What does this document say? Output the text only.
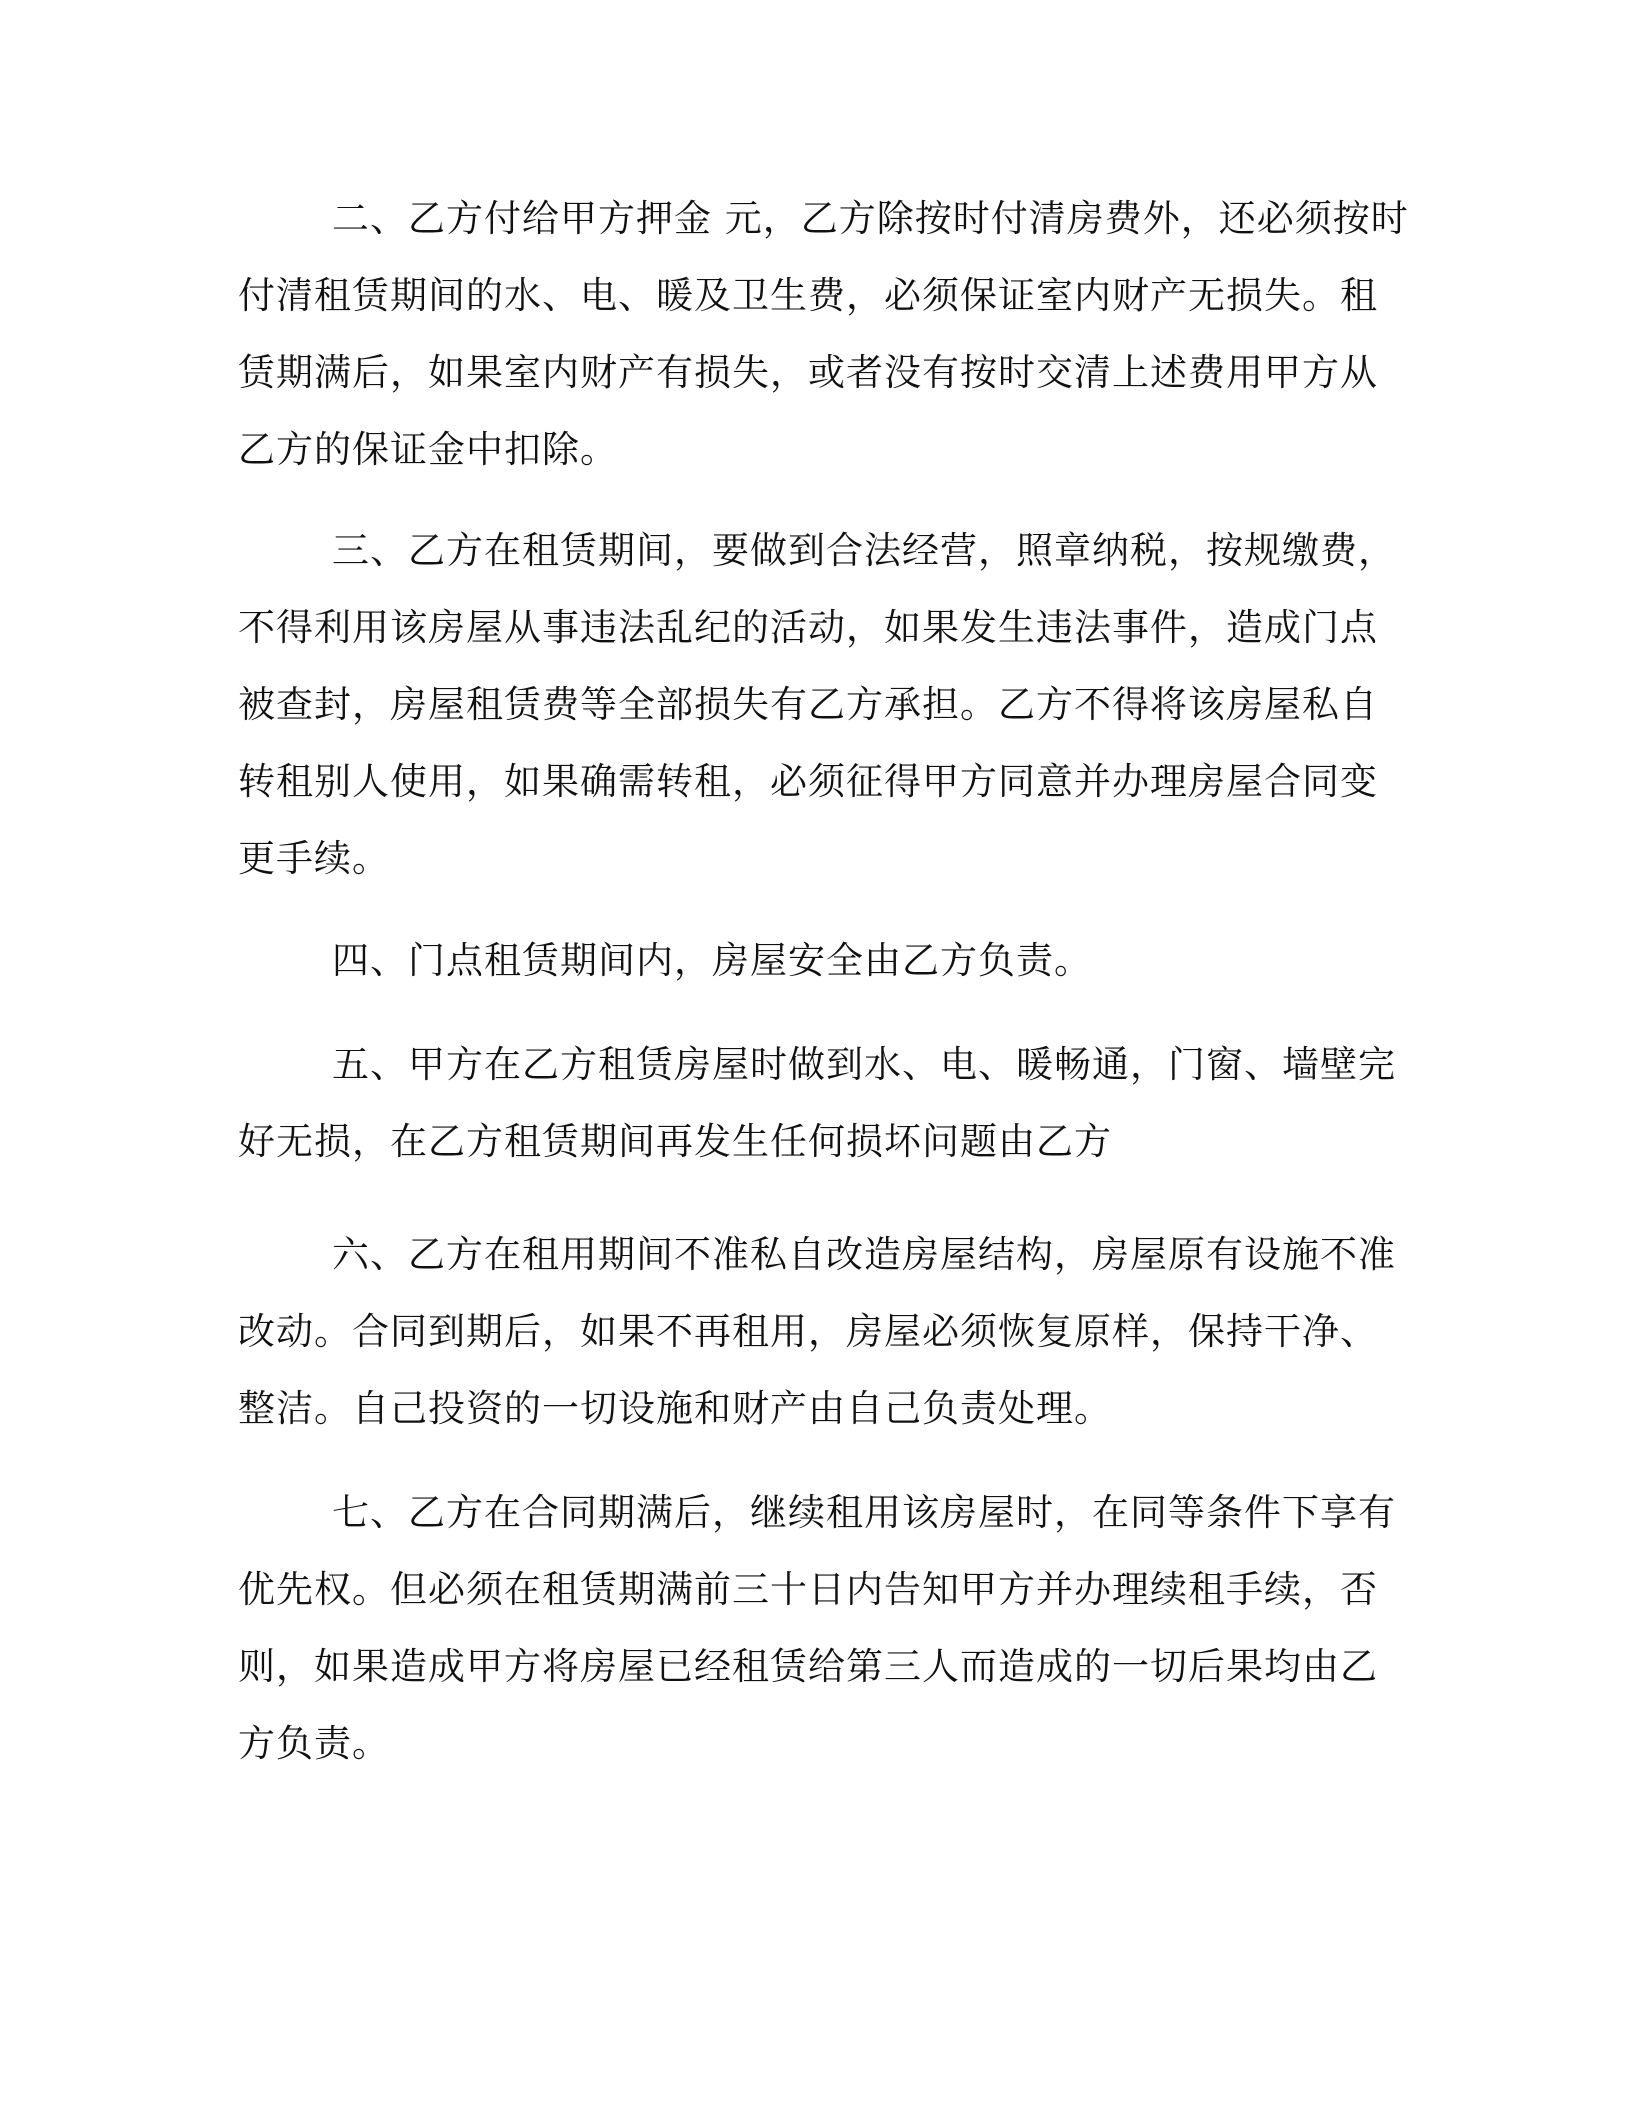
二、乙方付给甲方押金 元，乙方除按时付清房费外，还必须按时
付清租赁期间的水、电、暖及卫生费，必须保证室内财产无损失。租
赁期满后，如果室内财产有损失，或者没有按时交清上述费用甲方从
乙方的保证金中扣除。

三、乙方在租赁期间，要做到合法经营，照章纳税，按规缴费，
不得利用该房屋从事违法乱纪的活动，如果发生违法事件，造成门点
被查封，房屋租赁费等全部损失有乙方承担。乙方不得将该房屋私自
转租别人使用，如果确需转租，必须征得甲方同意并办理房屋合同变
更手续。

四、门点租赁期间内，房屋安全由乙方负责。

五、甲方在乙方租赁房屋时做到水、电、暖畅通，门窗、墙壁完
好无损，在乙方租赁期间再发生任何损坏问题由乙方

六、乙方在租用期间不准私自改造房屋结构，房屋原有设施不准
改动。合同到期后，如果不再租用，房屋必须恢复原样，保持干净、
整洁。自己投资的一切设施和财产由自己负责处理。

七、乙方在合同期满后，继续租用该房屋时，在同等条件下享有
优先权。但必须在租赁期满前三十日内告知甲方并办理续租手续，否
则，如果造成甲方将房屋已经租赁给第三人而造成的一切后果均由乙
方负责。
